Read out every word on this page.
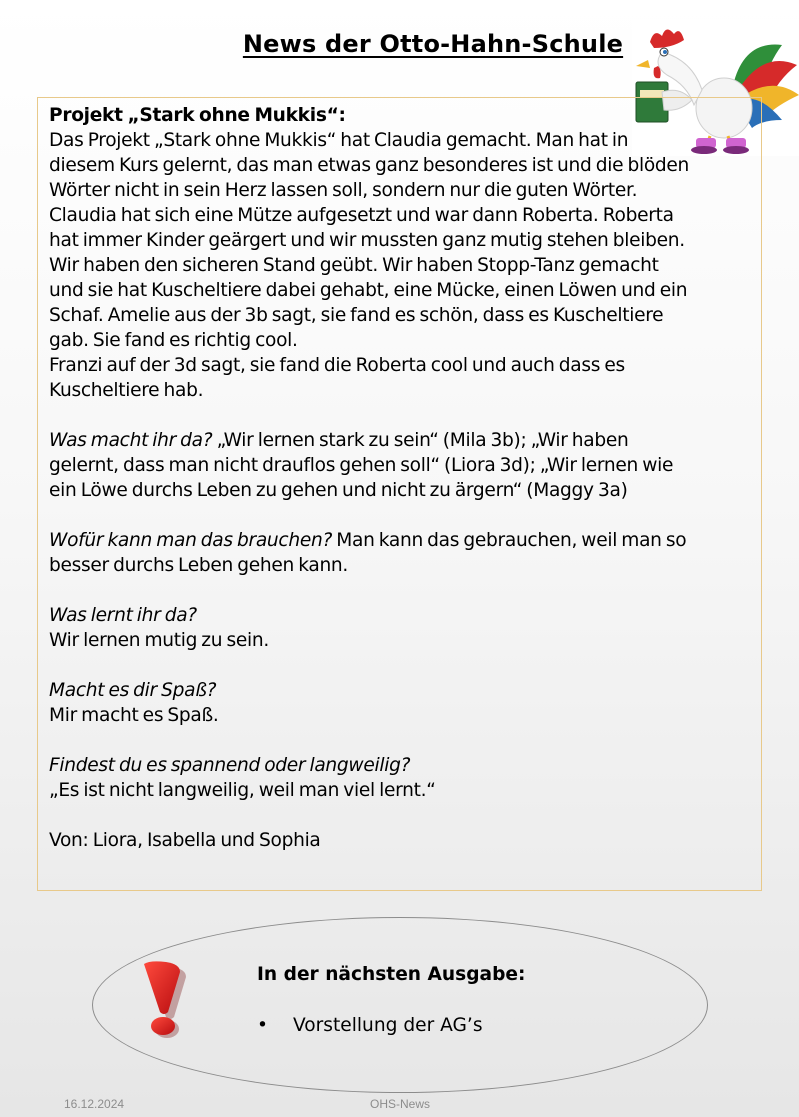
News der Otto-Hahn-Schule
Projekt „Stark ohne Mukkis“:
Das Projekt „Stark ohne Mukkis“ hat Claudia gemacht. Man hat in
diesem Kurs gelernt, das man etwas ganz besonderes ist und die blöden
Wörter nicht in sein Herz lassen soll, sondern nur die guten Wörter.
Claudia hat sich eine Mütze aufgesetzt und war dann Roberta. Roberta
hat immer Kinder geärgert und wir mussten ganz mutig stehen bleiben.
Wir haben den sicheren Stand geübt. Wir haben Stopp-Tanz gemacht
und sie hat Kuscheltiere dabei gehabt, eine Mücke, einen Löwen und ein
Schaf. Amelie aus der 3b sagt, sie fand es schön, dass es Kuscheltiere
gab. Sie fand es richtig cool.
Franzi auf der 3d sagt, sie fand die Roberta cool und auch dass es
Kuscheltiere hab.
Was macht ihr da? „Wir lernen stark zu sein“ (Mila 3b); „Wir haben
gelernt, dass man nicht drauflos gehen soll“ (Liora 3d); „Wir lernen wie
ein Löwe durchs Leben zu gehen und nicht zu ärgern“ (Maggy 3a)
Wofür kann man das brauchen? Man kann das gebrauchen, weil man so
besser durchs Leben gehen kann.
Was lernt ihr da?
Wir lernen mutig zu sein.
Macht es dir Spaß?
Mir macht es Spaß.
Findest du es spannend oder langweilig?
„Es ist nicht langweilig, weil man viel lernt.“
Von: Liora, Isabella und Sophia
In der nächsten Ausgabe:
• Vorstellung der AG’s
16.12.2024	OHS-News
